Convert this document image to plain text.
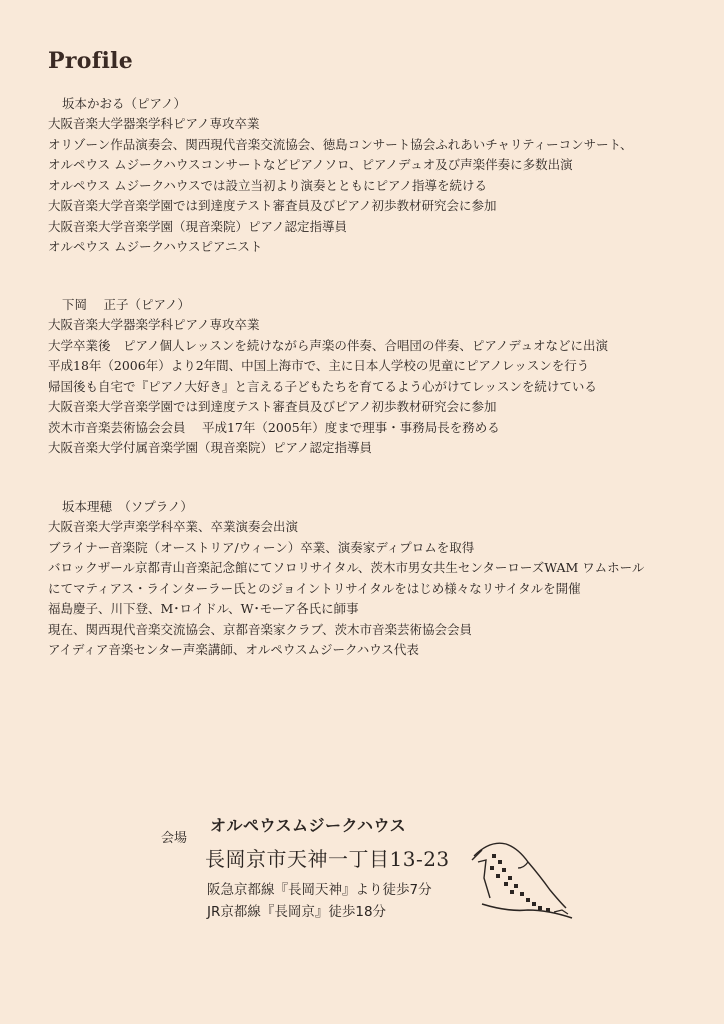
Profile
坂本かおる（ピアノ）
大阪音楽大学器楽学科ピアノ専攻卒業
オリゾーン作品演奏会、関西現代音楽交流協会、徳島コンサート協会ふれあいチャリティーコンサート、
オルペウス ムジークハウスコンサートなどピアノソロ、ピアノデュオ及び声楽伴奏に多数出演
オルペウス ムジークハウスでは設立当初より演奏とともにピアノ指導を続ける
大阪音楽大学音楽学園では到達度テスト審査員及びピアノ初歩教材研究会に参加
大阪音楽大学音楽学園（現音楽院）ピアノ認定指導員
オルペウス ムジークハウスピアニスト
下岡　 正子（ピアノ）
大阪音楽大学器楽学科ピアノ専攻卒業
大学卒業後　ピアノ個人レッスンを続けながら声楽の伴奏、合唱団の伴奏、ピアノデュオなどに出演
平成18年（2006年）より2年間、中国上海市で、主に日本人学校の児童にピアノレッスンを行う
帰国後も自宅で『ピアノ大好き』と言える子どもたちを育てるよう心がけてレッスンを続けている
大阪音楽大学音楽学園では到達度テスト審査員及びピアノ初歩教材研究会に参加
茨木市音楽芸術協会会員　 平成17年（2005年）度まで理事・事務局長を務める
大阪音楽大学付属音楽学園（現音楽院）ピアノ認定指導員
坂本理穂　（ソプラノ）
大阪音楽大学声楽学科卒業、卒業演奏会出演
ブライナー音楽院（オーストリア/ウィーン）卒業、演奏家ディプロムを取得
バロックザール京都青山音楽記念館にてソロリサイタル、茨木市男女共生センターローズWAM ワムホール
にてマティアス・ラインターラー氏とのジョイントリサイタルをはじめ様々なリサイタルを開催
福島慶子、川下登、M･ロイドル、W･モーア各氏に師事
現在、関西現代音楽交流協会、京都音楽家クラブ、茨木市音楽芸術協会会員
アイディア音楽センター声楽講師、オルペウスムジークハウス代表
会場
オルペウスムジークハウス
長岡京市天神一丁目13-23
阪急京都線『長岡天神』より徒歩7分
JR京都線『長岡京』徒歩18分
